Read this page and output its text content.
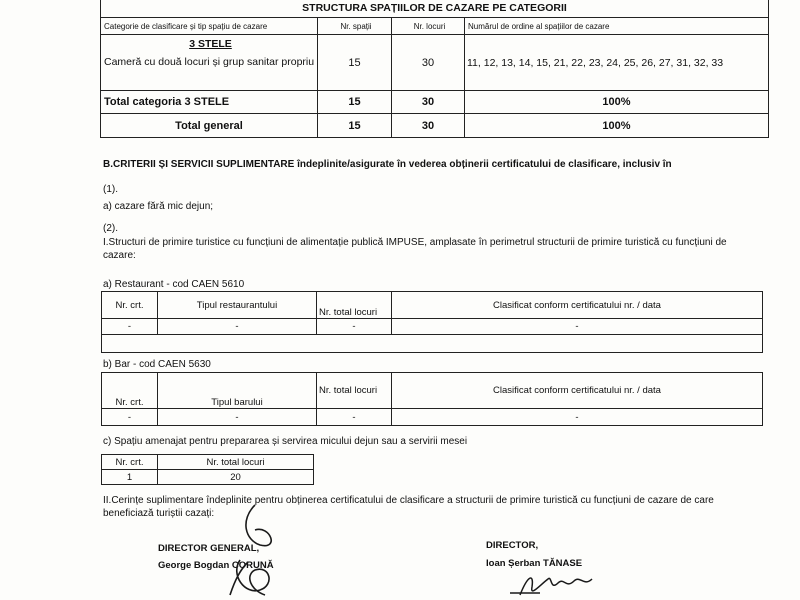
STRUCTURA SPAȚIILOR DE CAZARE PE CATEGORII			
Categorie de clasificare și tip spațiu de cazare	Nr. spații	Nr. locuri	Numărul de ordine al spațiilor de cazare

3 STELE
Cameră cu două locuri și grup sanitar propriu	15	30	11, 12, 13, 14, 15, 21, 22, 23, 24, 25, 26, 27, 31, 32, 33
Total categoria 3 STELE	15	30	100%
Total general	15	30	100%
B.CRITERII ȘI SERVICII SUPLIMENTARE îndeplinite/asigurate în vederea obținerii certificatului de clasificare, inclusiv în
(1).
a) cazare fără mic dejun;
(2).
I.Structuri de primire turistice cu funcțiuni de alimentație publică IMPUSE, amplasate în perimetrul structurii de primire turistică cu funcțiuni de cazare:
a) Restaurant - cod CAEN 5610
Nr. crt.	Tipul restaurantului	Nr. total locuri	Clasificat conform certificatului nr. / data
-	-	-	-

b) Bar - cod CAEN 5630
Nr. crt.	Tipul barului	Nr. total locuri	Clasificat conform certificatului nr. / data
-	-	-	-
c) Spațiu amenajat pentru prepararea și servirea micului dejun sau a servirii mesei
Nr. crt.	Nr. total locuri
1	20
II.Cerințe suplimentare îndeplinite pentru obținerea certificatului de clasificare a structurii de primire turistică cu funcțiuni de cazare de care beneficiază turiștii cazați:
DIRECTOR GENERAL,
George Bogdan CORUNĂ
DIRECTOR,
Ioan Șerban TĂNASE
